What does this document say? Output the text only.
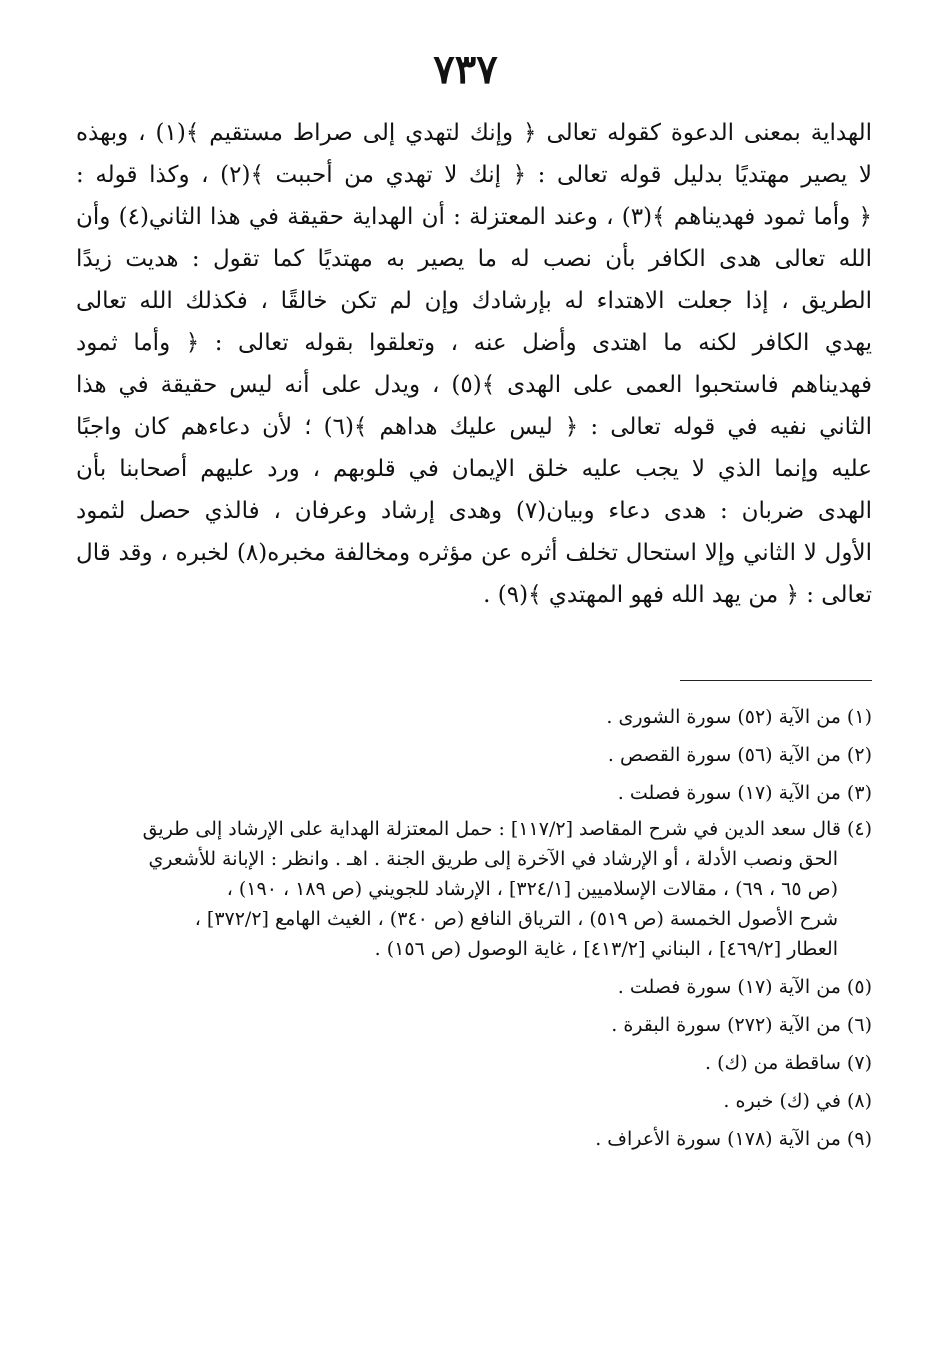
٧٣٧
الهداية بمعنى الدعوة كقوله تعالى ﴿ وإنك لتهدي إلى صراط مستقيم ﴾(١) ، وبهذه
لا يصير مهتديًا بدليل قوله تعالى : ﴿ إنك لا تهدي من أحببت ﴾(٢) ، وكذا قوله :
﴿ وأما ثمود فهديناهم ﴾(٣) ، وعند المعتزلة : أن الهداية حقيقة في هذا الثاني(٤) وأن
الله تعالى هدى الكافر بأن نصب له ما يصير به مهتديًا كما تقول : هديت زيدًا
الطريق ، إذا جعلت الاهتداء له بإرشادك وإن لم تكن خالقًا ، فكذلك الله تعالى
يهدي الكافر لكنه ما اهتدى وأضل عنه ، وتعلقوا بقوله تعالى : ﴿ وأما ثمود
فهديناهم فاستحبوا العمى على الهدى ﴾(٥) ، ويدل على أنه ليس حقيقة في هذا
الثاني نفيه في قوله تعالى : ﴿ ليس عليك هداهم ﴾(٦) ؛ لأن دعاءهم كان واجبًا
عليه وإنما الذي لا يجب عليه خلق الإيمان في قلوبهم ، ورد عليهم أصحابنا بأن
الهدى ضربان : هدى دعاء وبيان(٧) وهدى إرشاد وعرفان ، فالذي حصل لثمود
الأول لا الثاني وإلا استحال تخلف أثره عن مؤثره ومخالفة مخبره(٨) لخبره ، وقد قال
تعالى : ﴿ من يهد الله فهو المهتدي ﴾(٩) .
(١) من الآية (٥٢) سورة الشورى .
(٢) من الآية (٥٦) سورة القصص .
(٣) من الآية (١٧) سورة فصلت .
(٤) قال سعد الدين في شرح المقاصد [١١٧/٢] : حمل المعتزلة الهداية على الإرشاد إلى طريق
الحق ونصب الأدلة ، أو الإرشاد في الآخرة إلى طريق الجنة . اهـ . وانظر : الإبانة للأشعري
(ص ٦٥ ، ٦٩) ، مقالات الإسلاميين [٣٢٤/١] ، الإرشاد للجويني (ص ١٨٩ ، ١٩٠) ،
شرح الأصول الخمسة (ص ٥١٩) ، الترياق النافع (ص ٣٤٠) ، الغيث الهامع [٣٧٢/٢] ،
العطار [٤٦٩/٢] ، البناني [٤١٣/٢] ، غاية الوصول (ص ١٥٦) .
(٥) من الآية (١٧) سورة فصلت .
(٦) من الآية (٢٧٢) سورة البقرة .
(٧) ساقطة من (ك) .
(٨) في (ك) خبره .
(٩) من الآية (١٧٨) سورة الأعراف .
